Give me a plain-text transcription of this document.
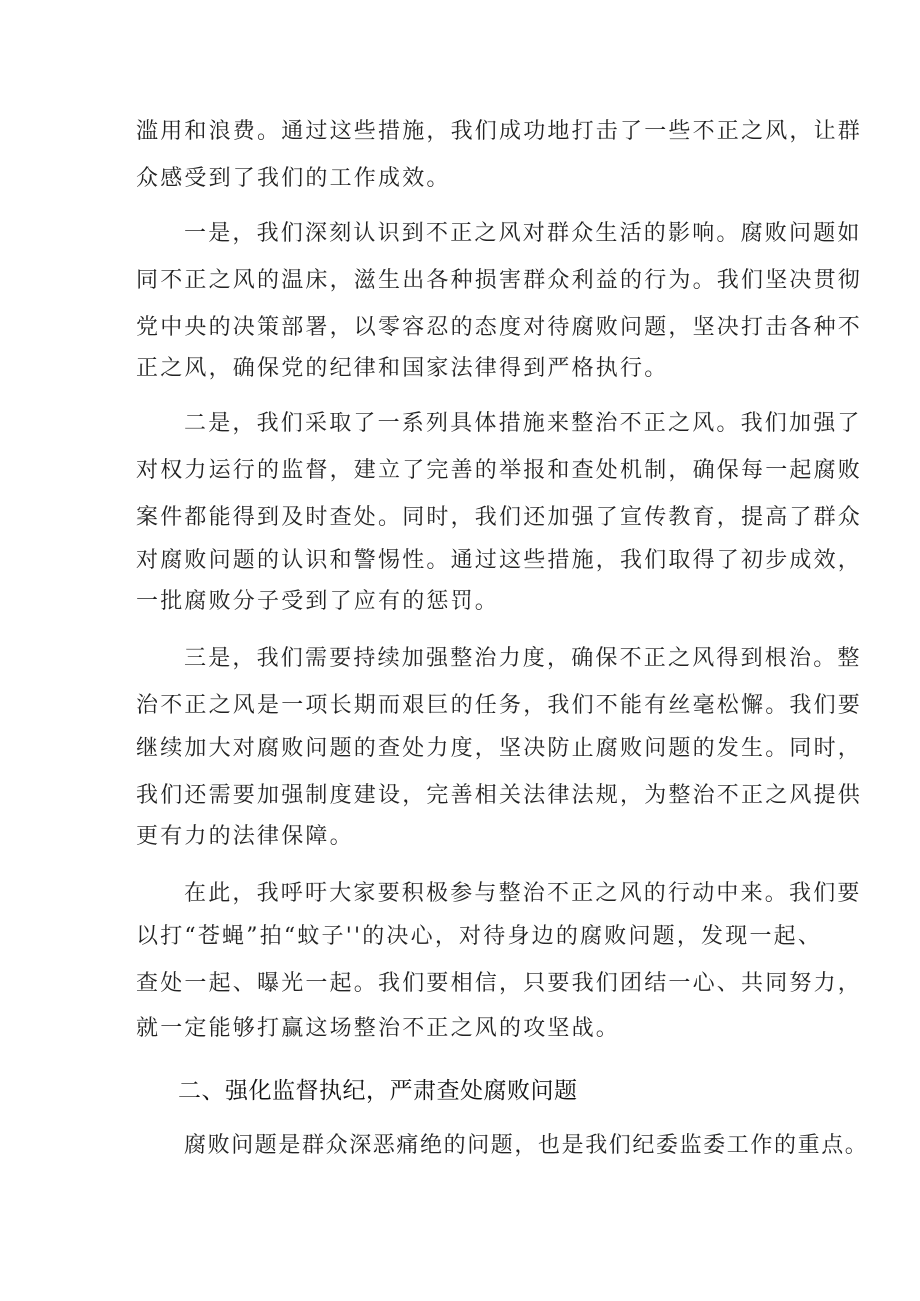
滥用和浪费。通过这些措施，我们成功地打击了一些不正之风，让群

众感受到了我们的工作成效。

一是，我们深刻认识到不正之风对群众生活的影响。腐败问题如

同不正之风的温床，滋生出各种损害群众利益的行为。我们坚决贯彻

党中央的决策部署，以零容忍的态度对待腐败问题，坚决打击各种不

正之风，确保党的纪律和国家法律得到严格执行。

二是，我们采取了一系列具体措施来整治不正之风。我们加强了

对权力运行的监督，建立了完善的举报和查处机制，确保每一起腐败

案件都能得到及时查处。同时，我们还加强了宣传教育，提高了群众

对腐败问题的认识和警惕性。通过这些措施，我们取得了初步成效，

一批腐败分子受到了应有的惩罚。

三是，我们需要持续加强整治力度，确保不正之风得到根治。整

治不正之风是一项长期而艰巨的任务，我们不能有丝毫松懈。我们要

继续加大对腐败问题的查处力度，坚决防止腐败问题的发生。同时，

我们还需要加强制度建设，完善相关法律法规，为整治不正之风提供

更有力的法律保障。

在此，我呼吁大家要积极参与整治不正之风的行动中来。我们要

以打“苍蝇”拍“蚊子''的决心，对待身边的腐败问题，发现一起、

查处一起、曝光一起。我们要相信，只要我们团结一心、共同努力，

就一定能够打赢这场整治不正之风的攻坚战。

二、强化监督执纪，严肃查处腐败问题

腐败问题是群众深恶痛绝的问题，也是我们纪委监委工作的重点。
